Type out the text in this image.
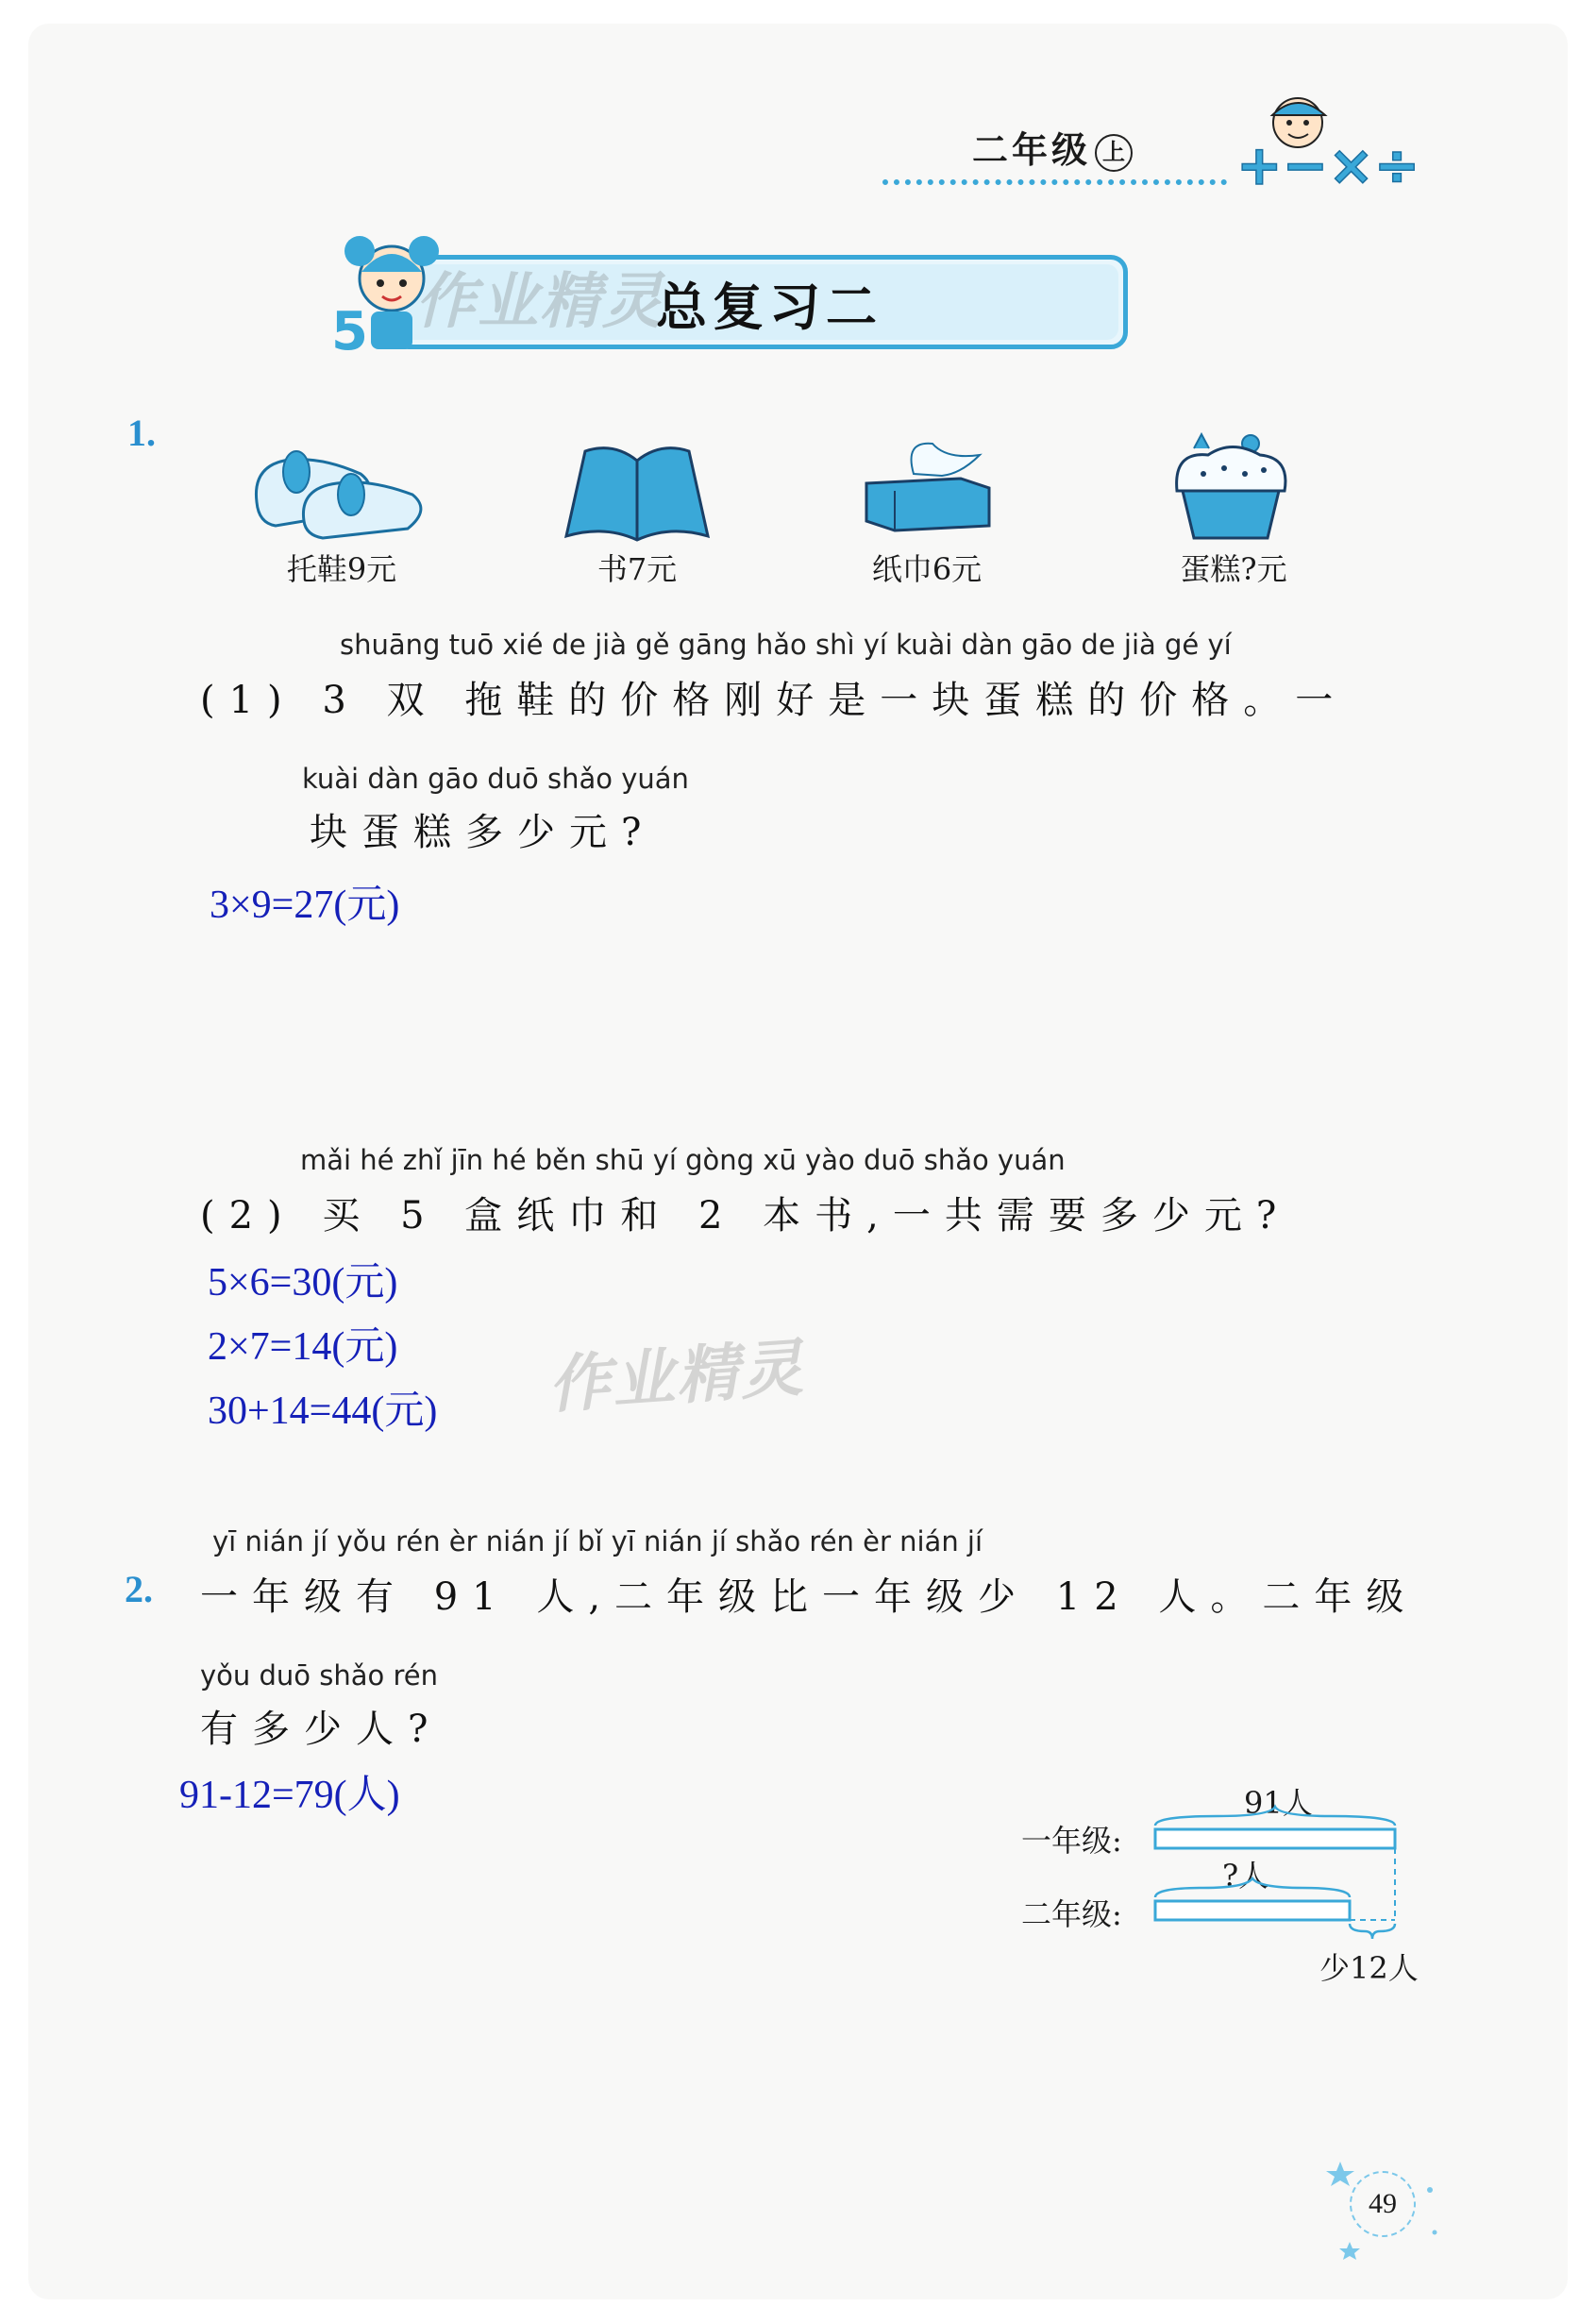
二年级 上 +−×÷
5 作业精灵
总复习二
1.
托鞋9元	书7元	纸巾6元	蛋糕?元
shuāng tuō xié de jià gě gāng hǎo shì yí kuài dàn gāo de jià gé yí
(1) 3 双 拖鞋的价格刚好是一块蛋糕的价格。一
kuài dàn gāo duō shǎo yuán
块蛋糕多少元?
3×9=27(元)
mǎi hé zhǐ jīn hé běn shū yí gòng xū yào duō shǎo yuán
(2) 买 5 盒纸巾和 2 本书,一共需要多少元?
5×6=30(元)
2×7=14(元)
30+14=44(元) 作业精灵
yī nián jí yǒu rén èr nián jí bǐ yī nián jí shǎo rén èr nián jí
2. 一年级有 91 人,二年级比一年级少 12 人。二年级
yǒu duō shǎo rén
有多少人?
91-12=79(人)	91人
一年级:
?人
二年级:
少12人
49
